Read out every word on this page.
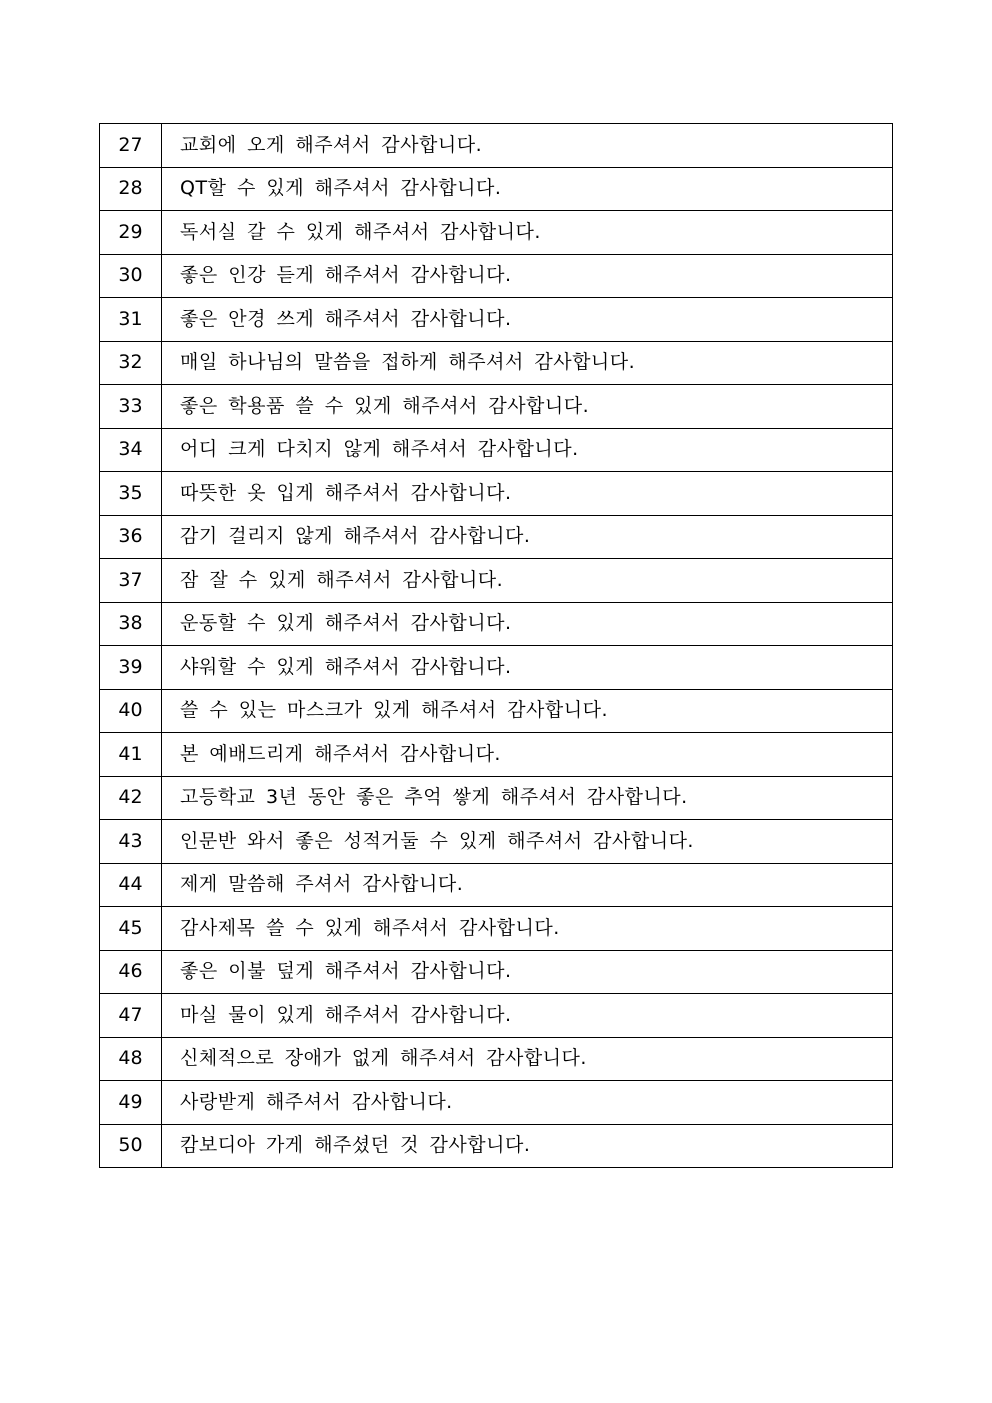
27	교회에 오게 해주셔서 감사합니다.
28	QT할 수 있게 해주셔서 감사합니다.
29	독서실 갈 수 있게 해주셔서 감사합니다.
30	좋은 인강 듣게 해주셔서 감사합니다.
31	좋은 안경 쓰게 해주셔서 감사합니다.
32	매일 하나님의 말씀을 접하게 해주셔서 감사합니다.
33	좋은 학용품 쓸 수 있게 해주셔서 감사합니다.
34	어디 크게 다치지 않게 해주셔서 감사합니다.
35	따뜻한 옷 입게 해주셔서 감사합니다.
36	감기 걸리지 않게 해주셔서 감사합니다.
37	잠 잘 수 있게 해주셔서 감사합니다.
38	운동할 수 있게 해주셔서 감사합니다.
39	샤워할 수 있게 해주셔서 감사합니다.
40	쓸 수 있는 마스크가 있게 해주셔서 감사합니다.
41	본 예배드리게 해주셔서 감사합니다.
42	고등학교 3년 동안 좋은 추억 쌓게 해주셔서 감사합니다.
43	인문반 와서 좋은 성적거둘 수 있게 해주셔서 감사합니다.
44	제게 말씀해 주셔서 감사합니다.
45	감사제목 쓸 수 있게 해주셔서 감사합니다.
46	좋은 이불 덮게 해주셔서 감사합니다.
47	마실 물이 있게 해주셔서 감사합니다.
48	신체적으로 장애가 없게 해주셔서 감사합니다.
49	사랑받게 해주셔서 감사합니다.
50	캄보디아 가게 해주셨던 것 감사합니다.
